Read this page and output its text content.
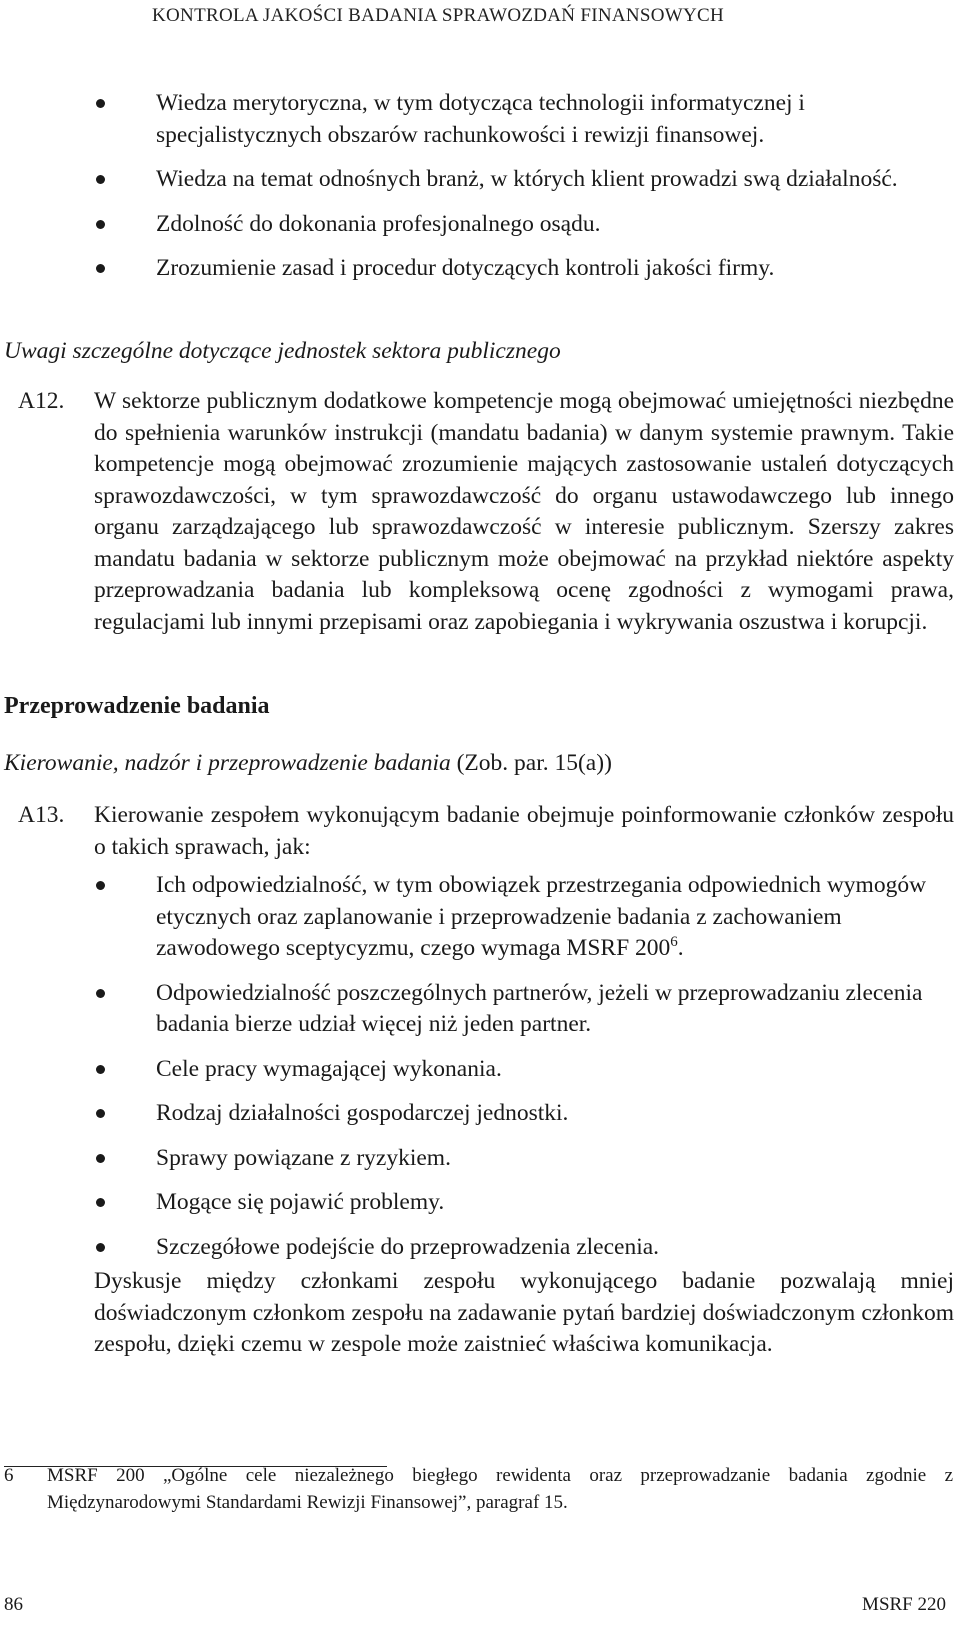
KONTROLA JAKOŚCI BADANIA SPRAWOZDAŃ FINANSOWYCH
Wiedza merytoryczna, w tym dotycząca technologii informatycznej i specjalistycznych obszarów rachunkowości i rewizji finansowej.
Wiedza na temat odnośnych branż, w których klient prowadzi swą działalność.
Zdolność do dokonania profesjonalnego osądu.
Zrozumienie zasad i procedur dotyczących kontroli jakości firmy.
Uwagi szczególne dotyczące jednostek sektora publicznego
A12. W sektorze publicznym dodatkowe kompetencje mogą obejmować umiejętności niezbędne do spełnienia warunków instrukcji (mandatu badania) w danym systemie prawnym. Takie kompetencje mogą obejmować zrozumienie mających zastosowanie ustaleń dotyczących sprawozdawczości, w tym sprawozdawczość do organu ustawodawczego lub innego organu zarządzającego lub sprawozdawczość w interesie publicznym. Szerszy zakres mandatu badania w sektorze publicznym może obejmować na przykład niektóre aspekty przeprowadzania badania lub kompleksową ocenę zgodności z wymogami prawa, regulacjami lub innymi przepisami oraz zapobiegania i wykrywania oszustwa i korupcji.
Przeprowadzenie badania
Kierowanie, nadzór i przeprowadzenie badania (Zob. par. 15(a))
A13. Kierowanie zespołem wykonującym badanie obejmuje poinformowanie członków zespołu o takich sprawach, jak:
Ich odpowiedzialność, w tym obowiązek przestrzegania odpowiednich wymogów etycznych oraz zaplanowanie i przeprowadzenie badania z zachowaniem zawodowego sceptycyzmu, czego wymaga MSRF $200^6$.
Odpowiedzialność poszczególnych partnerów, jeżeli w przeprowadzaniu zlecenia badania bierze udział więcej niż jeden partner.
Cele pracy wymagającej wykonania.
Rodzaj działalności gospodarczej jednostki.
Sprawy powiązane z ryzykiem.
Mogące się pojawić problemy.
Szczegółowe podejście do przeprowadzenia zlecenia.
Dyskusje między członkami zespołu wykonującego badanie pozwalają mniej doświadczonym członkom zespołu na zadawanie pytań bardziej doświadczonym członkom zespołu, dzięki czemu w zespole może zaistnieć właściwa komunikacja.
6 MSRF 200 „Ogólne cele niezależnego biegłego rewidenta oraz przeprowadzanie badania zgodnie z Międzynarodowymi Standardami Rewizji Finansowej”, paragraf 15.
86	MSRF 220
